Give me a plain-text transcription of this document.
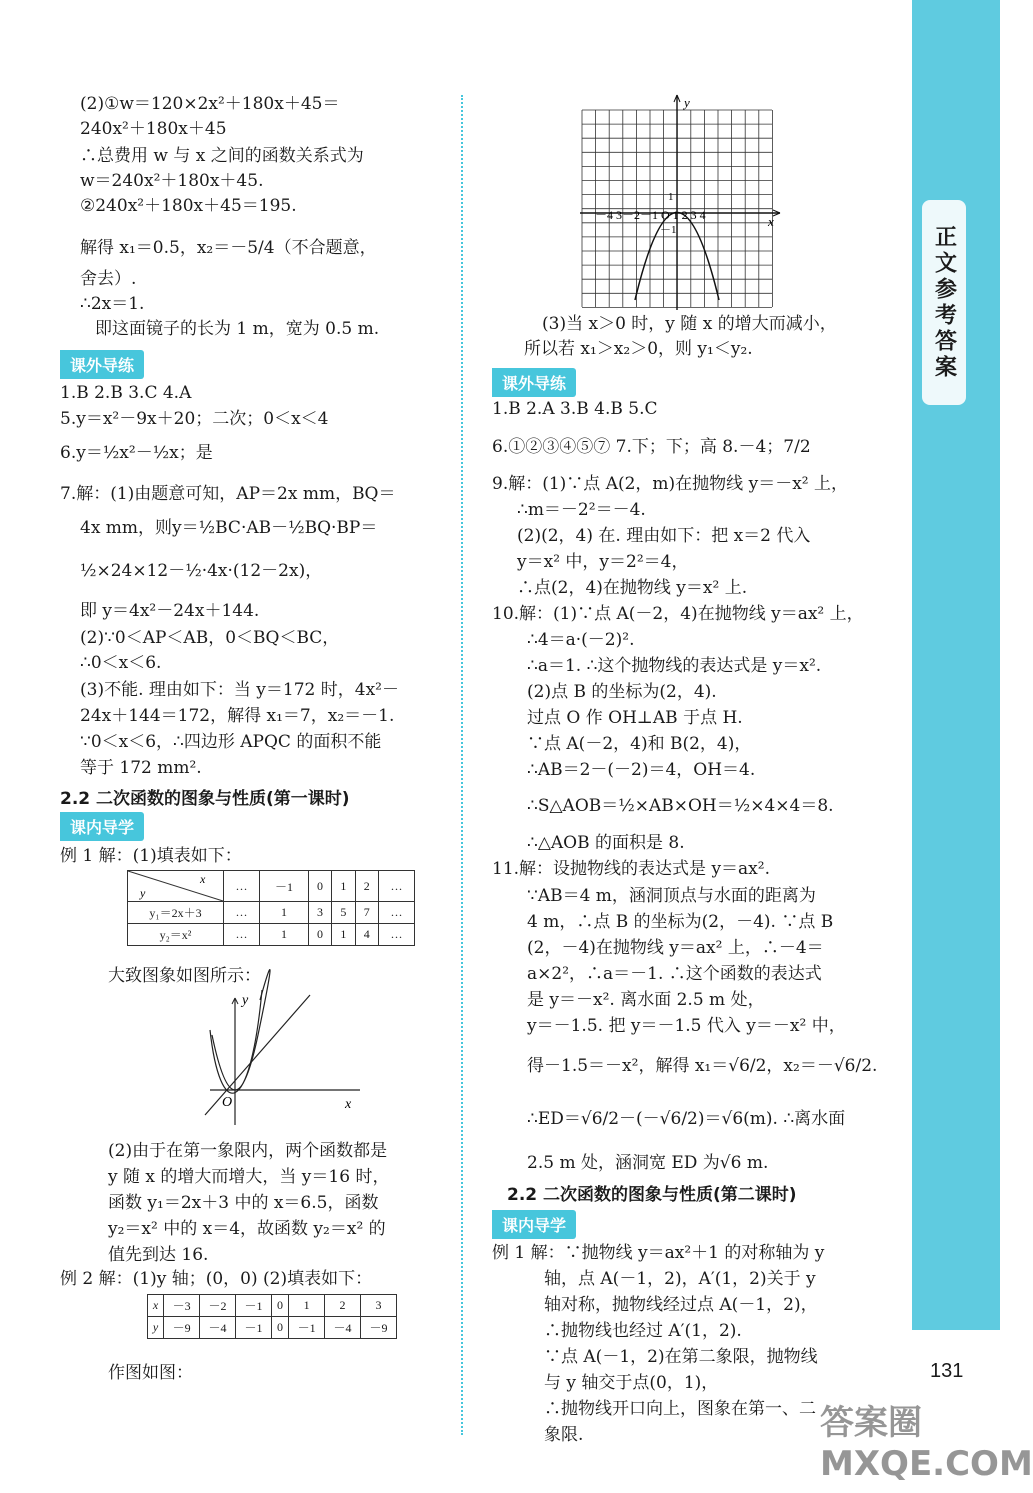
正文参考答案
(2)①w＝120×2x²＋180x＋45＝
240x²＋180x＋45
∴总费用 w 与 x 之间的函数关系式为
w＝240x²＋180x＋45.
②240x²＋180x＋45＝195.
解得 x₁＝0.5，x₂＝－5/4（不合题意，
舍去）.
∴2x＝1.
即这面镜子的长为 1 m，宽为 0.5 m.
课外导练
1.B 2.B 3.C 4.A
5.y＝x²－9x＋20；二次；0＜x＜4
6.y＝½x²－½x；是
7.解：(1)由题意可知，AP＝2x mm，BQ＝
4x mm，则y＝½BC·AB－½BQ·BP＝
½×24×12－½·4x·(12－2x)，
即 y＝4x²－24x＋144.
(2)∵0＜AP＜AB，0＜BQ＜BC，
∴0＜x＜6.
(3)不能. 理由如下：当 y＝172 时，4x²－
24x＋144＝172，解得 x₁＝7，x₂＝－1.
∵0＜x＜6，∴四边形 APQC 的面积不能
等于 172 mm².
2.2 二次函数的图象与性质(第一课时)
课内导学
例 1 解：(1)填表如下：
x
y	…	－1	0	1	2	…
y₁＝2x＋3	…	1	3	5	7	…
y₂＝x²	…	1	0	1	4	…
大致图象如图所示：
y
x
O
(2)由于在第一象限内，两个函数都是
y 随 x 的增大而增大，当 y＝16 时，
函数 y₁＝2x＋3 中的 x＝6.5，函数
y₂＝x² 中的 x＝4，故函数 y₂＝x² 的
值先到达 16.
例 2 解：(1)y 轴；(0，0) (2)填表如下：
x	－3	－2	－1	0	1	2	3
y	－9	－4	－1	0	－1	－4	－9
作图如图：
y
x
1
－1
－4 3－2－1 O 1 2 3 4
(3)当 x＞0 时，y 随 x 的增大而减小，
所以若 x₁＞x₂＞0，则 y₁＜y₂.
课外导练
1.B 2.A 3.B 4.B 5.C
6.①②③④⑤⑦ 7.下；下；高 8.－4；7/2
9.解：(1)∵点 A(2，m)在抛物线 y＝－x² 上，
∴m＝－2²＝－4.
(2)(2，4) 在. 理由如下：把 x＝2 代入
y＝x² 中，y＝2²＝4，
∴点(2，4)在抛物线 y＝x² 上.
10.解：(1)∵点 A(－2，4)在抛物线 y＝ax² 上，
∴4＝a·(－2)².
∴a＝1. ∴这个抛物线的表达式是 y＝x².
(2)点 B 的坐标为(2，4).
过点 O 作 OH⊥AB 于点 H.
∵点 A(－2，4)和 B(2，4)，
∴AB＝2－(－2)＝4，OH＝4.
∴S△AOB＝½×AB×OH＝½×4×4＝8.
∴△AOB 的面积是 8.
11.解：设抛物线的表达式是 y＝ax².
∵AB＝4 m，涵洞顶点与水面的距离为
4 m，∴点 B 的坐标为(2，－4). ∵点 B
(2，－4)在抛物线 y＝ax² 上，∴－4＝
a×2²，∴a＝－1. ∴这个函数的表达式
是 y＝－x². 离水面 2.5 m 处，
y＝－1.5. 把 y＝－1.5 代入 y＝－x² 中，
得－1.5＝－x²，解得 x₁＝√6/2，x₂＝－√6/2.
∴ED＝√6/2－(－√6/2)＝√6(m). ∴离水面
2.5 m 处，涵洞宽 ED 为√6 m.
2.2 二次函数的图象与性质(第二课时)
课内导学
例 1 解：∵抛物线 y＝ax²＋1 的对称轴为 y
轴，点 A(－1，2)，A′(1，2)关于 y
轴对称，抛物线经过点 A(－1，2)，
∴抛物线也经过 A′(1，2).
∵点 A(－1，2)在第二象限，抛物线
与 y 轴交于点(0，1)，
∴抛物线开口向上，图象在第一、二
象限.
131
答案圈 MXQE.COM
